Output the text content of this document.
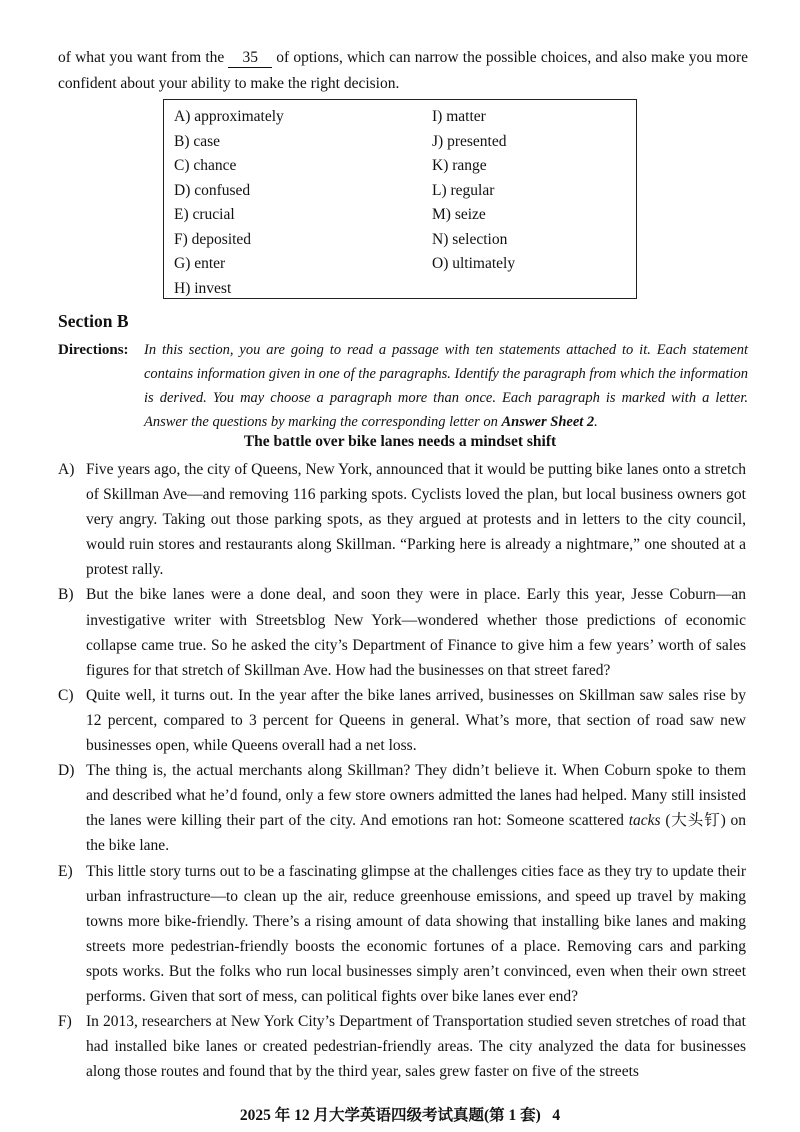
of what you want from the 35 of options, which can narrow the possible choices, and also make you more confident about your ability to make the right decision.
A) approximately
B) case
C) chance
D) confused
E) crucial
F) deposited
G) enter
H) invest
I) matter
J) presented
K) range
L) regular
M) seize
N) selection
O) ultimately
Section B
Directions: In this section, you are going to read a passage with ten statements attached to it. Each statement contains information given in one of the paragraphs. Identify the paragraph from which the information is derived. You may choose a paragraph more than once. Each paragraph is marked with a letter. Answer the questions by marking the corresponding letter on Answer Sheet 2.
The battle over bike lanes needs a mindset shift
A) Five years ago, the city of Queens, New York, announced that it would be putting bike lanes onto a stretch of Skillman Ave—and removing 116 parking spots. Cyclists loved the plan, but local business owners got very angry. Taking out those parking spots, as they argued at protests and in letters to the city council, would ruin stores and restaurants along Skillman. “Parking here is already a nightmare,” one shouted at a protest rally.
B) But the bike lanes were a done deal, and soon they were in place. Early this year, Jesse Coburn—an investigative writer with Streetsblog New York—wondered whether those predictions of economic collapse came true. So he asked the city’s Department of Finance to give him a few years’ worth of sales figures for that stretch of Skillman Ave. How had the businesses on that street fared?
C) Quite well, it turns out. In the year after the bike lanes arrived, businesses on Skillman saw sales rise by 12 percent, compared to 3 percent for Queens in general. What’s more, that section of road saw new businesses open, while Queens overall had a net loss.
D) The thing is, the actual merchants along Skillman? They didn’t believe it. When Coburn spoke to them and described what he’d found, only a few store owners admitted the lanes had helped. Many still insisted the lanes were killing their part of the city. And emotions ran hot: Someone scattered tacks (大头钉) on the bike lane.
E) This little story turns out to be a fascinating glimpse at the challenges cities face as they try to update their urban infrastructure—to clean up the air, reduce greenhouse emissions, and speed up travel by making towns more bike-friendly. There’s a rising amount of data showing that installing bike lanes and making streets more pedestrian-friendly boosts the economic fortunes of a place. Removing cars and parking spots works. But the folks who run local businesses simply aren’t convinced, even when their own street performs. Given that sort of mess, can political fights over bike lanes ever end?
F) In 2013, researchers at New York City’s Department of Transportation studied seven stretches of road that had installed bike lanes or created pedestrian-friendly areas. The city analyzed the data for businesses along those routes and found that by the third year, sales grew faster on five of the streets
2025 年 12 月大学英语四级考试真题(第 1 套) 4
